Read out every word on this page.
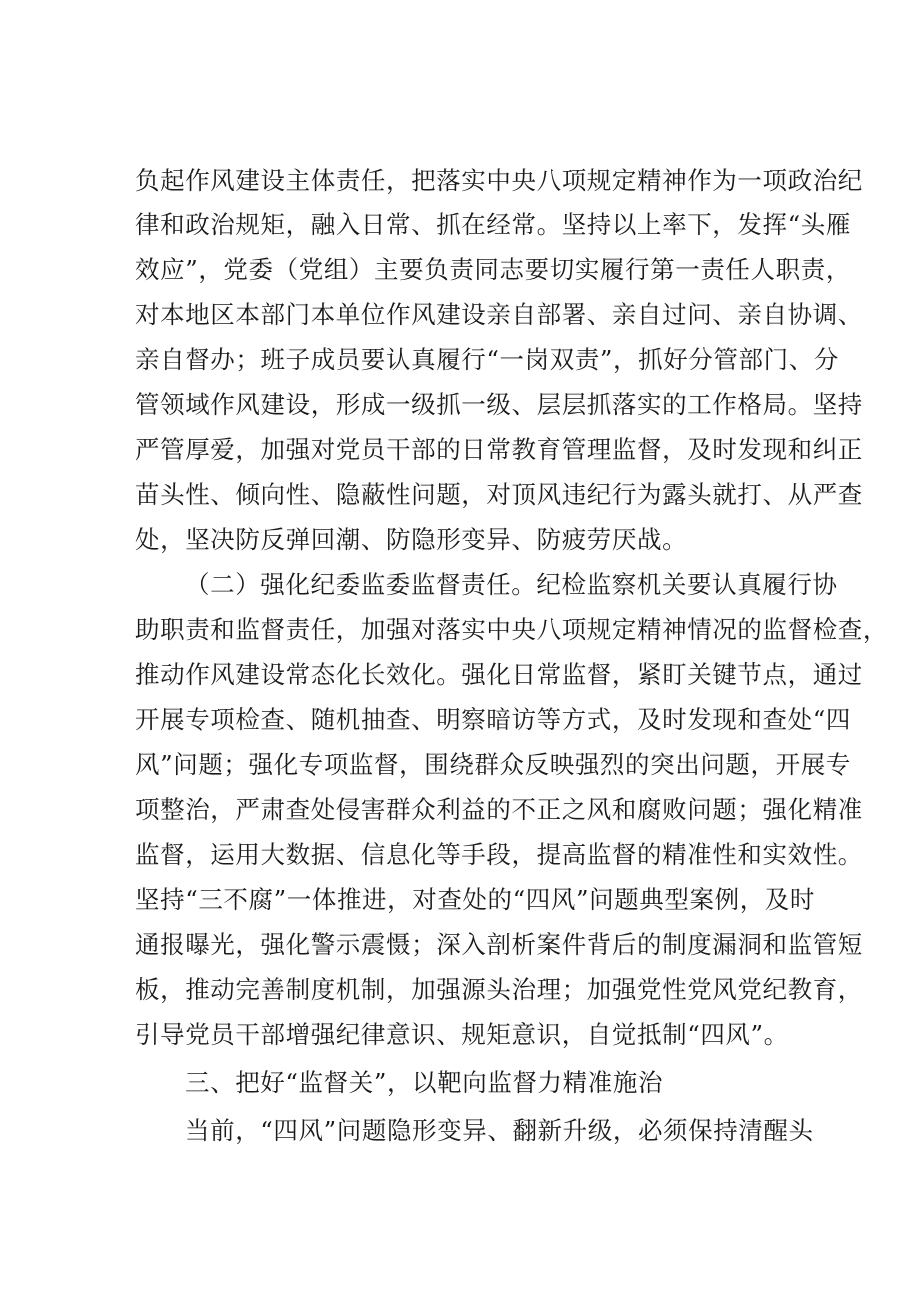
负起作风建设主体责任，把落实中央八项规定精神作为一项政治纪
律和政治规矩，融入日常、抓在经常。坚持以上率下，发挥“头雁
效应”，党委（党组）主要负责同志要切实履行第一责任人职责，
对本地区本部门本单位作风建设亲自部署、亲自过问、亲自协调、
亲自督办；班子成员要认真履行“一岗双责”，抓好分管部门、分
管领域作风建设，形成一级抓一级、层层抓落实的工作格局。坚持
严管厚爱，加强对党员干部的日常教育管理监督，及时发现和纠正
苗头性、倾向性、隐蔽性问题，对顶风违纪行为露头就打、从严查
处，坚决防反弹回潮、防隐形变异、防疲劳厌战。
（二）强化纪委监委监督责任。纪检监察机关要认真履行协
助职责和监督责任，加强对落实中央八项规定精神情况的监督检查，
推动作风建设常态化长效化。强化日常监督，紧盯关键节点，通过
开展专项检查、随机抽查、明察暗访等方式，及时发现和查处“四
风”问题；强化专项监督，围绕群众反映强烈的突出问题，开展专
项整治，严肃查处侵害群众利益的不正之风和腐败问题；强化精准
监督，运用大数据、信息化等手段，提高监督的精准性和实效性。
坚持“三不腐”一体推进，对查处的“四风”问题典型案例，及时
通报曝光，强化警示震慑；深入剖析案件背后的制度漏洞和监管短
板，推动完善制度机制，加强源头治理；加强党性党风党纪教育，
引导党员干部增强纪律意识、规矩意识，自觉抵制“四风”。
三、把好“监督关”，以靶向监督力精准施治
当前，“四风”问题隐形变异、翻新升级，必须保持清醒头
